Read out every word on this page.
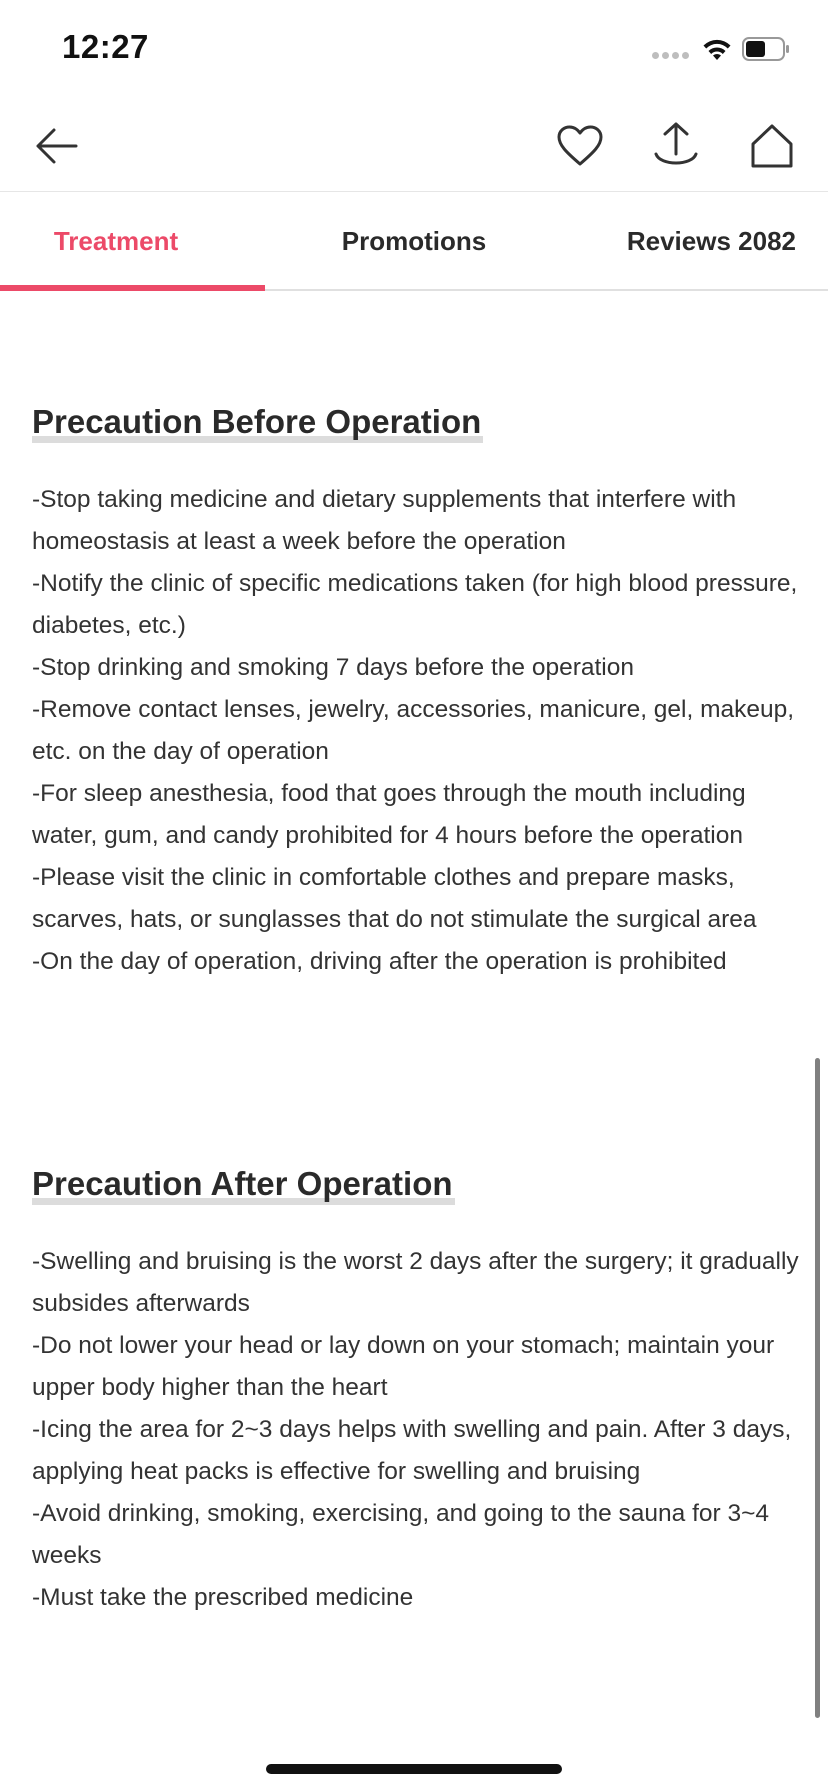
12:27
Treatment	Promotions	Reviews 2082
Precaution Before Operation

-Stop taking medicine and dietary supplements that interfere with homeostasis at least a week before the operation

-Notify the clinic of specific medications taken (for high blood pressure, diabetes, etc.)

-Stop drinking and smoking 7 days before the operation

-Remove contact lenses, jewelry, accessories, manicure, gel, makeup, etc. on the day of operation

-For sleep anesthesia, food that goes through the mouth including water, gum, and candy prohibited for 4 hours before the operation

-Please visit the clinic in comfortable clothes and prepare masks, scarves, hats, or sunglasses that do not stimulate the surgical area

-On the day of operation, driving after the operation is prohibited

Precaution After Operation

-Swelling and bruising is the worst 2 days after the surgery; it gradually subsides afterwards

-Do not lower your head or lay down on your stomach; maintain your upper body higher than the heart

-Icing the area for 2~3 days helps with swelling and pain. After 3 days, applying heat packs is effective for swelling and bruising

-Avoid drinking, smoking, exercising, and going to the sauna for 3~4 weeks

-Must take the prescribed medicine
